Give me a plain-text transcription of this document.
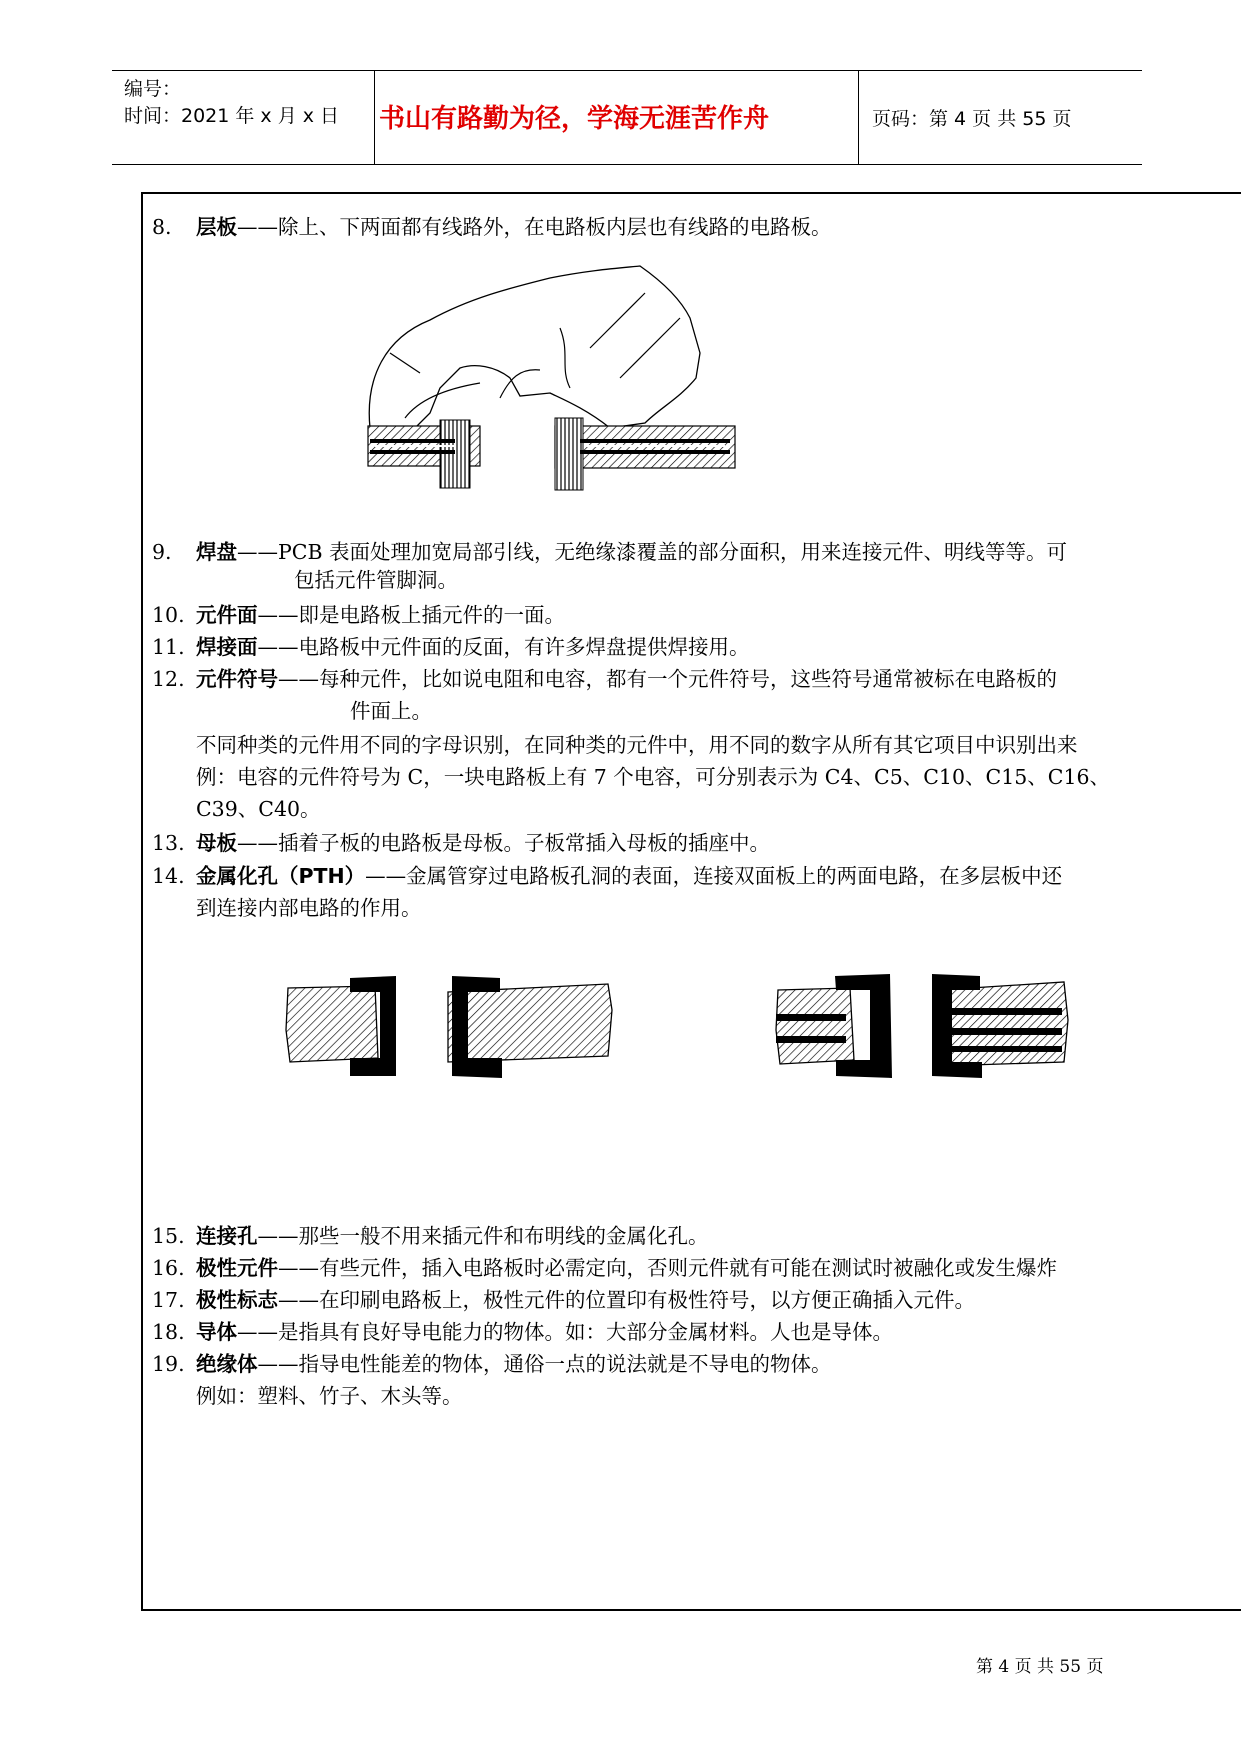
编号：
时间：2021 年 x 月 x 日 书山有路勤为径，学海无涯苦作舟	页码：第 4 页 共 55 页
8. 层板——除上、下两面都有线路外，在电路板内层也有线路的电路板。
9. 焊盘——PCB 表面处理加宽局部引线，无绝缘漆覆盖的部分面积，用来连接元件、明线等等。可
包括元件管脚洞。
10. 元件面——即是电路板上插元件的一面。
11. 焊接面——电路板中元件面的反面，有许多焊盘提供焊接用。
12. 元件符号——每种元件，比如说电阻和电容，都有一个元件符号，这些符号通常被标在电路板的
件面上。
不同种类的元件用不同的字母识别，在同种类的元件中，用不同的数字从所有其它项目中识别出来
例：电容的元件符号为 C，一块电路板上有 7 个电容，可分别表示为 C4、C5、C10、C15、C16、
C39、C40。
13. 母板——插着子板的电路板是母板。子板常插入母板的插座中。
14. 金属化孔（PTH）——金属管穿过电路板孔洞的表面，连接双面板上的两面电路，在多层板中还
到连接内部电路的作用。
15. 连接孔——那些一般不用来插元件和布明线的金属化孔。
16. 极性元件——有些元件，插入电路板时必需定向，否则元件就有可能在测试时被融化或发生爆炸
17. 极性标志——在印刷电路板上，极性元件的位置印有极性符号，以方便正确插入元件。
18. 导体——是指具有良好导电能力的物体。如：大部分金属材料。人也是导体。
19. 绝缘体——指导电性能差的物体，通俗一点的说法就是不导电的物体。
例如：塑料、竹子、木头等。
第 4 页 共 55 页
